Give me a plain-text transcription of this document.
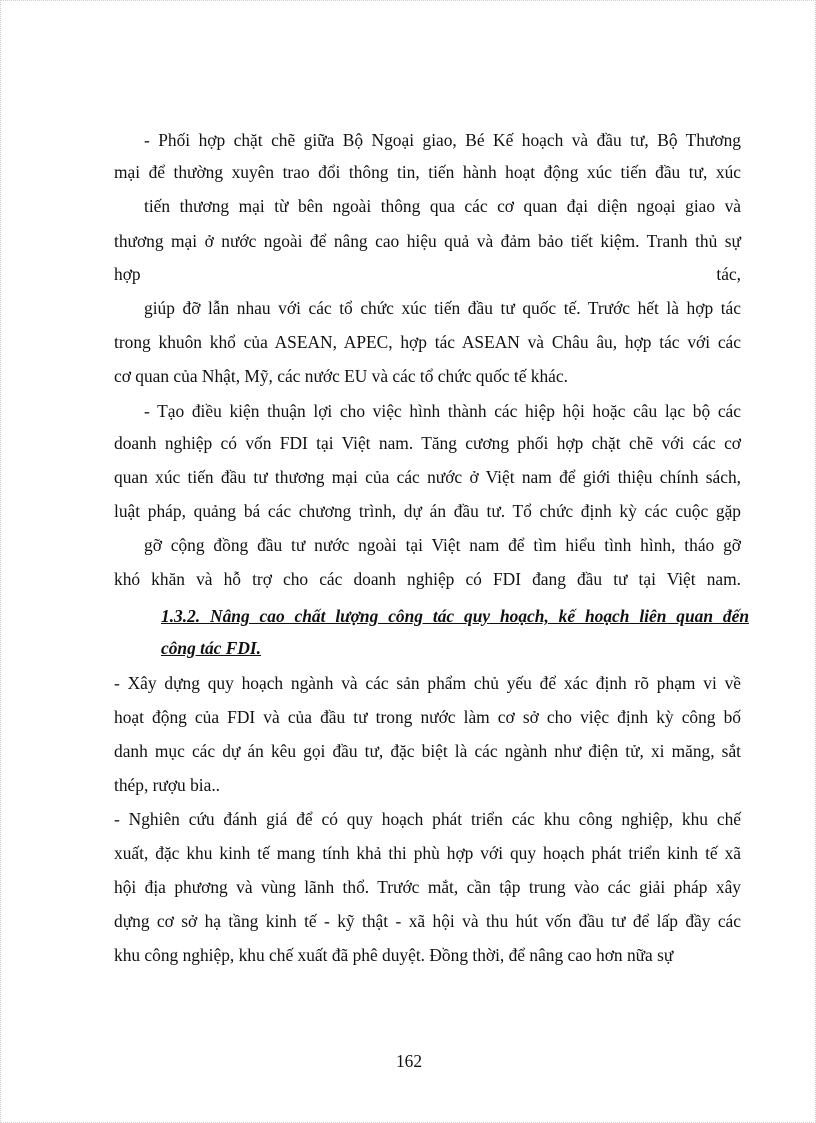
- Phối hợp chặt chẽ giữa Bộ Ngoại giao, Bé Kế hoạch và đầu tư, Bộ Thương
mại để thường xuyên trao đổi thông tin, tiến hành hoạt động xúc tiến đầu tư, xúc
tiến thương mại từ bên ngoài thông qua các cơ quan đại diện ngoại giao và
thương mại ở nước ngoài để nâng cao hiệu quả và đảm bảo tiết kiệm. Tranh thủ sự
hợp	tác,
giúp đỡ lẫn nhau với các tổ chức xúc tiến đầu tư quốc tế. Trước hết là hợp tác
trong khuôn khổ của ASEAN, APEC, hợp tác ASEAN và Châu âu, hợp tác với các
cơ quan của Nhật, Mỹ, các nước EU và các tổ chức quốc tế khác.
- Tạo điều kiện thuận lợi cho việc hình thành các hiệp hội hoặc câu lạc bộ các
doanh nghiệp có vốn FDI tại Việt nam. Tăng cương phối hợp chặt chẽ với các cơ
quan xúc tiến đầu tư thương mại của các nước ở Việt nam để giới thiệu chính sách,
luật pháp, quảng bá các chương trình, dự án đầu tư. Tổ chức định kỳ các cuộc gặp
gỡ cộng đồng đầu tư nước ngoài tại Việt nam để tìm hiểu tình hình, tháo gỡ
khó khăn và hỗ trợ cho các doanh nghiệp có FDI đang đầu tư tại Việt nam.
1.3.2. Nâng cao chất lượng công tác quy hoạch, kế hoạch liên quan đến
công tác FDI.
- Xây dựng quy hoạch ngành và các sản phẩm chủ yếu để xác định rõ phạm vi về
hoạt động của FDI và của đầu tư trong nước làm cơ sở cho việc định kỳ công bố
danh mục các dự án kêu gọi đầu tư, đặc biệt là các ngành như điện tử, xi măng, sắt
thép, rượu bia..
- Nghiên cứu đánh giá để có quy hoạch phát triển các khu công nghiệp, khu chế
xuất, đặc khu kinh tế mang tính khả thi phù hợp với quy hoạch phát triển kinh tế xã
hội địa phương và vùng lãnh thổ. Trước mắt, cần tập trung vào các giải pháp xây
dựng cơ sở hạ tầng kinh tế - kỹ thật - xã hội và thu hút vốn đầu tư để lấp đầy các
khu công nghiệp, khu chế xuất đã phê duyệt. Đồng thời, để nâng cao hơn nữa sự
162
